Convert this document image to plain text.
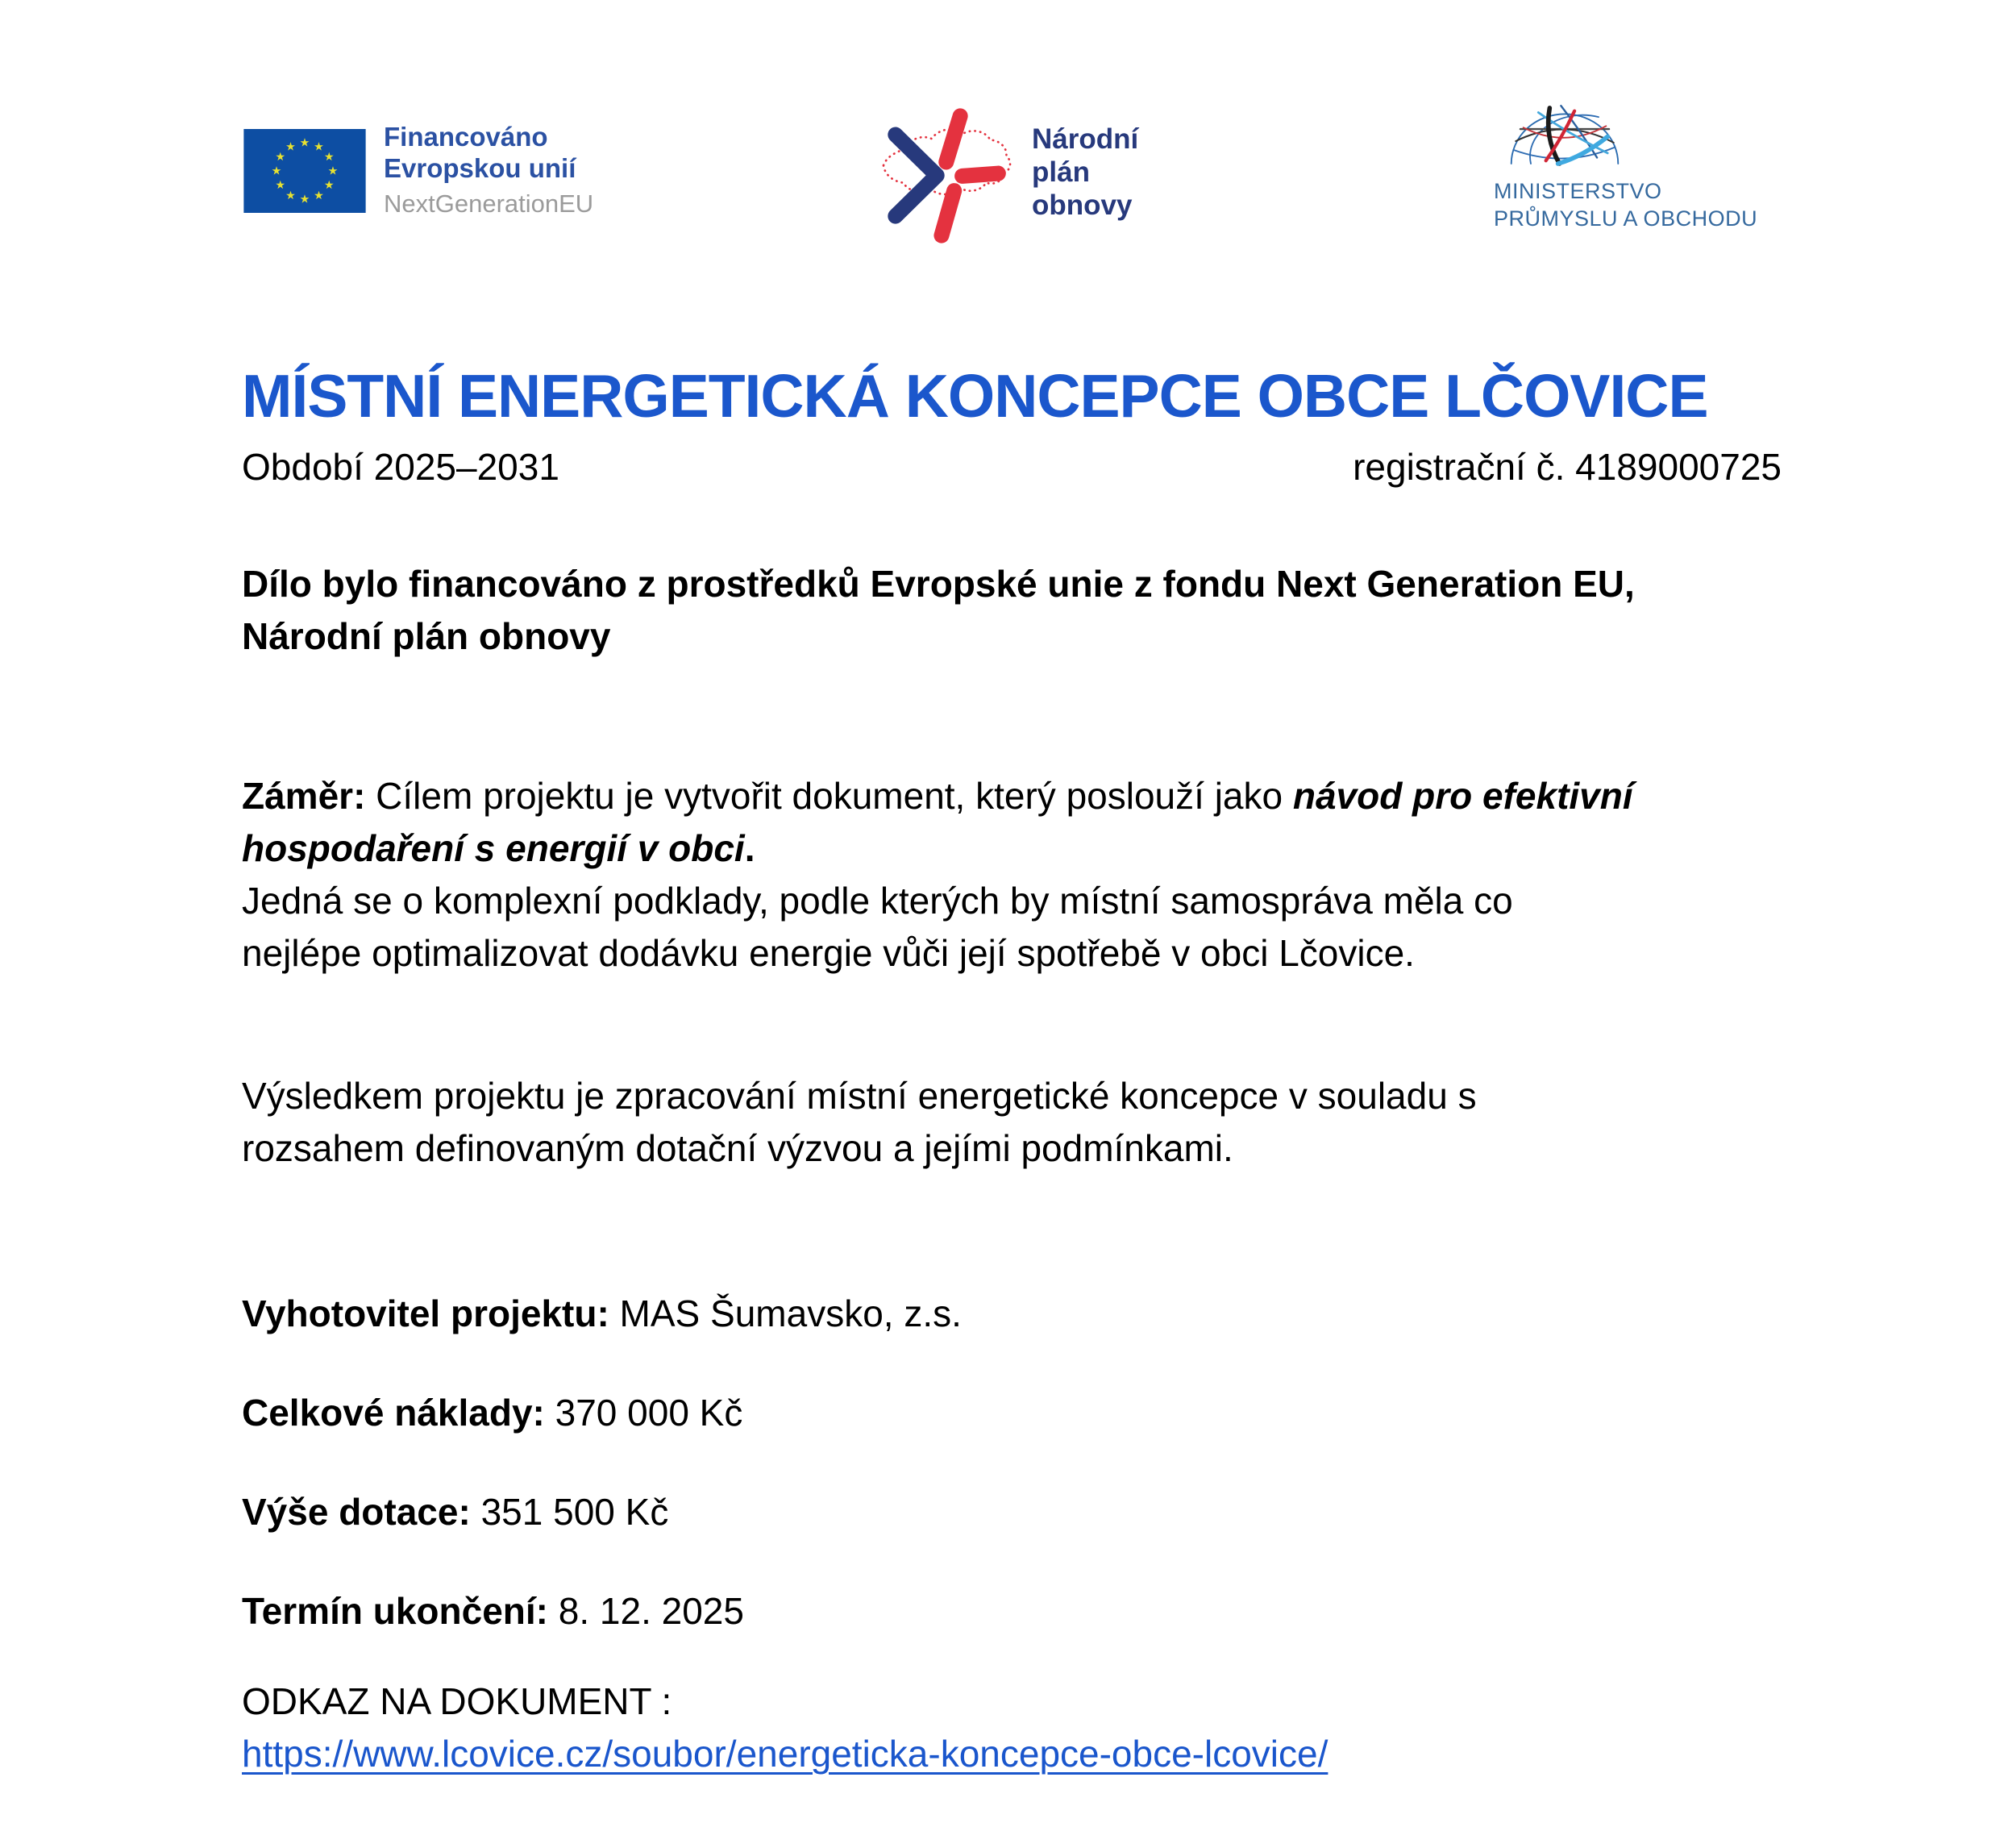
★ ★
★
★
★
★
★
★
★
★
★
★	Financováno
Evropskou unií
NextGenerationEU
Národní
plán
obnovy	MINISTERSTVO
PRŮMYSLU A OBCHODU
MÍSTNÍ ENERGETICKÁ KONCEPCE OBCE LČOVICE
Období 2025–2031	registrační č. 4189000725

Dílo bylo financováno z prostředků Evropské unie z fondu Next Generation EU,
Národní plán obnovy

Záměr: Cílem projektu je vytvořit dokument, který poslouží jako návod pro efektivní
hospodaření s energií v obci.
Jedná se o komplexní podklady, podle kterých by místní samospráva měla co
nejlépe optimalizovat dodávku energie vůči její spotřebě v obci Lčovice.

Výsledkem projektu je zpracování místní energetické koncepce v souladu s
rozsahem definovaným dotační výzvou a jejími podmínkami.

Vyhotovitel projektu: MAS Šumavsko, z.s.
Celkové náklady: 370 000 Kč
Výše dotace: 351 500 Kč
Termín ukončení: 8. 12. 2025
ODKAZ NA DOKUMENT :
https://www.lcovice.cz/soubor/energeticka-koncepce-obce-lcovice/
